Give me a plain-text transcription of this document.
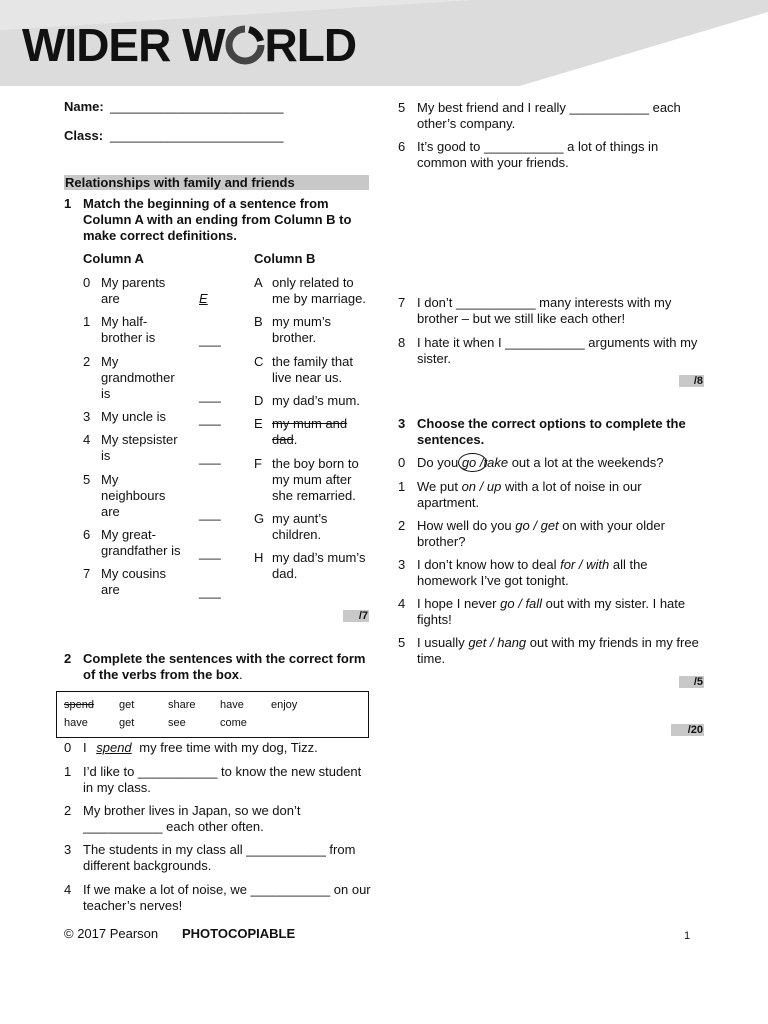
WIDER W RLD
Name: ________________________
Class: ________________________
Relationships with family and friends
1 Match the beginning of a sentence from Column A with an ending from Column B to make correct definitions.
Column A	Column B
0 My parents are	E
1 My half-brother is	___
2 My grandmother is	___
3 My uncle is	___
4 My stepsister is	___
5 My neighbours are	___
6 My great-grandfather is	___
7 My cousins are	___
A only related to me by marriage.
B my mum’s brother.
C the family that live near us.
D my dad’s mum.
E my mum and dad.
F the boy born to my mum after she remarried.
G my aunt’s children.
H my dad’s mum’s dad.
/7
2 Complete the sentences with the correct form of the verbs from the box.
spend get	share have enjoy
have	get	see	come
0 I spend my free time with my dog, Tizz.
1 I’d like to ___________ to know the new student
in my class.
2 My brother lives in Japan, so we don’t
___________ each other often.
3 The students in my class all ___________ from
different backgrounds.
4 If we make a lot of noise, we ___________ on our
teacher’s nerves!
5 My best friend and I really ___________ each
other’s company.
6 It’s good to ___________ a lot of things in
common with your friends.
7 I don’t ___________ many interests with my
brother – but we still like each other!
8 I hate it when I ___________ arguments with my
sister.
/8
3 Choose the correct options to complete the sentences.
0 Do you go /
take out a lot at the weekends?
1 We put on / up with a lot of noise in our
apartment.
2 How well do you go / get on with your older
brother?
3 I don’t know how to deal for / with all the
homework I’ve got tonight.
4 I hope I never go / fall out with my sister. I hate
fights!
5 I usually get / hang out with my friends in my free
time.
/5
/20
© 2017 Pearson PHOTOCOPIABLE	1
